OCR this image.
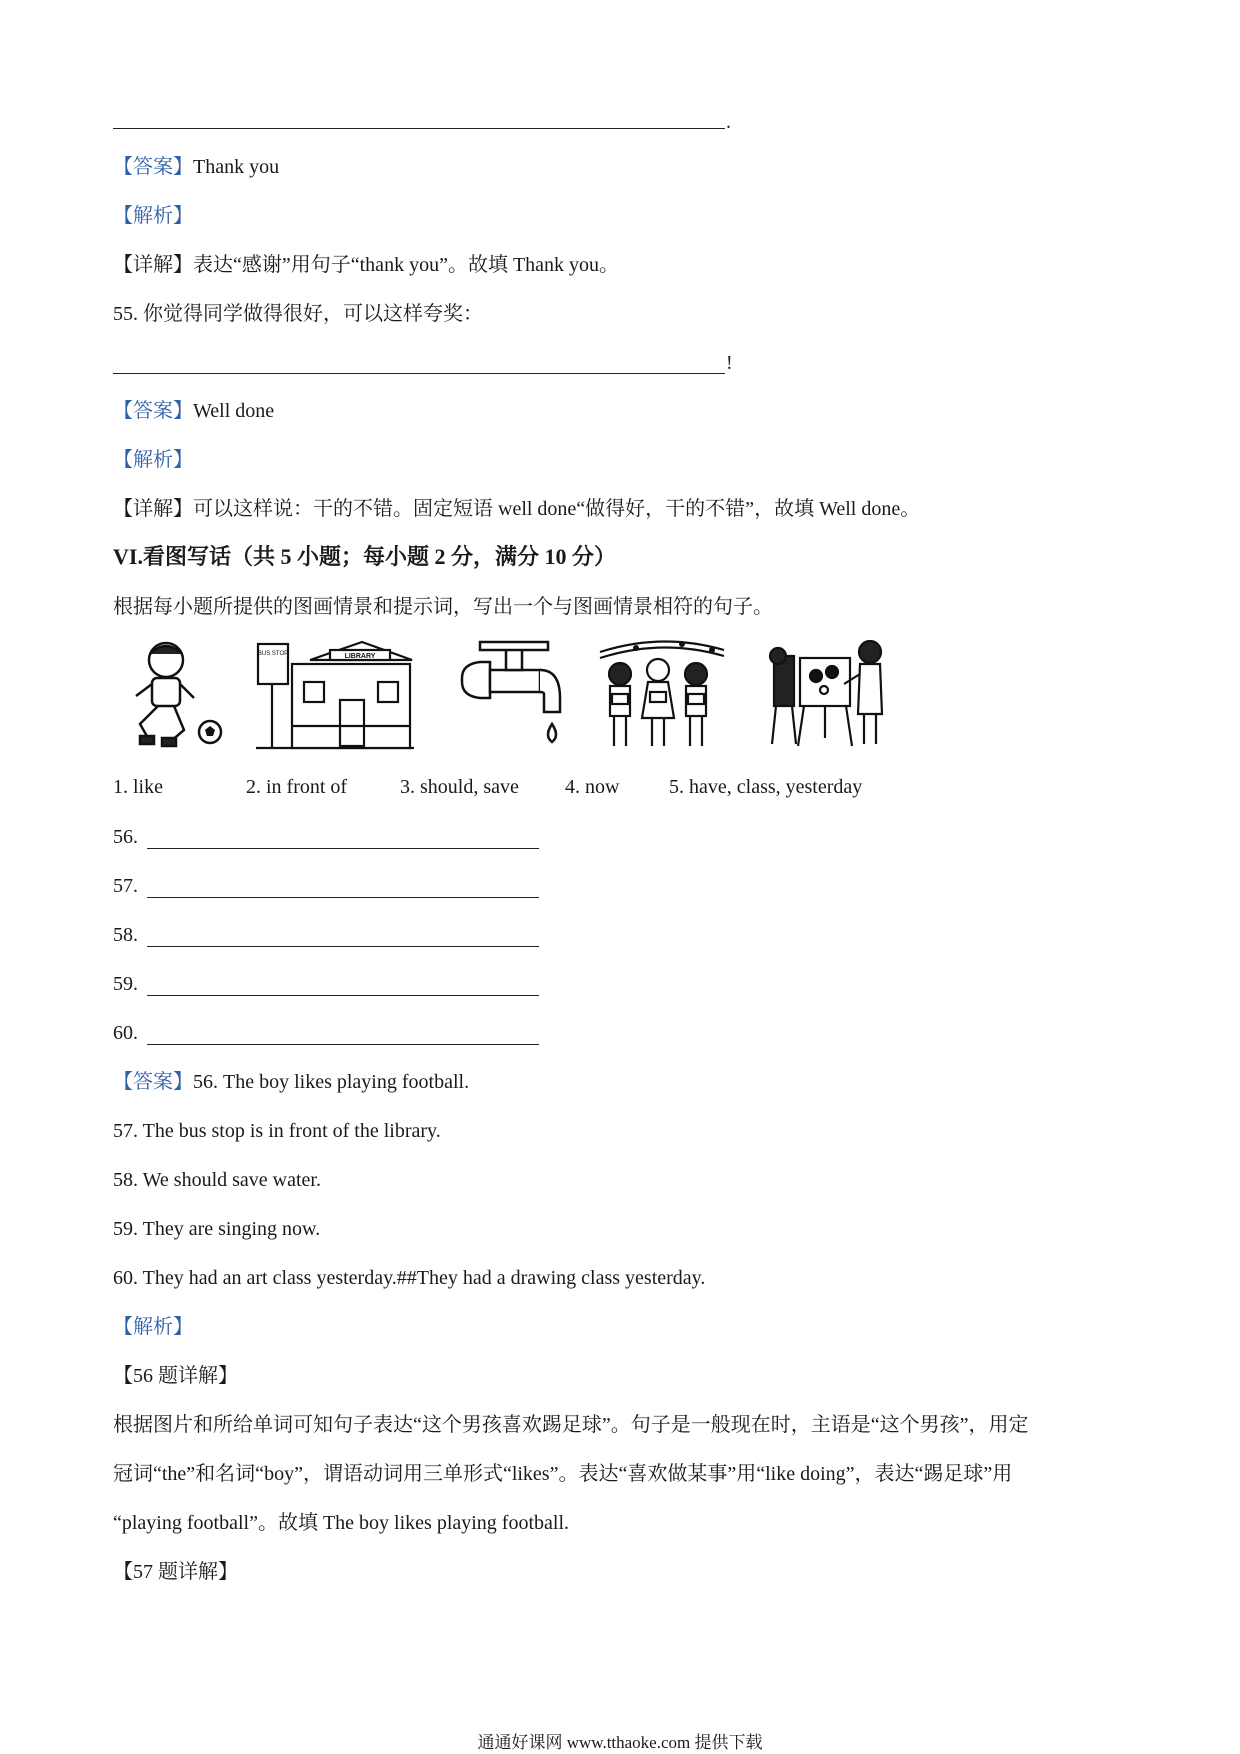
.
【答案】Thank you
【解析】
【详解】表达“感谢”用句子“thank you”。故填 Thank you。
55. 你觉得同学做得很好，可以这样夸奖：
!
【答案】Well done
【解析】
【详解】可以这样说：干的不错。固定短语 well done“做得好，干的不错”，故填 Well done。
VI.看图写话（共 5 小题；每小题 2 分，满分 10 分）
根据每小题所提供的图画情景和提示词，写出一个与图画情景相符的句子。
BUS STOP	LIBRARY
1. like	2. in front of	3. should, save 4. now 5. have, class, yesterday
56.
57.
58.
59.
60.
【答案】56. The boy likes playing football.
57. The bus stop is in front of the library.
58. We should save water.
59. They are singing now.
60. They had an art class yesterday.##They had a drawing class yesterday.
【解析】
【56 题详解】
根据图片和所给单词可知句子表达“这个男孩喜欢踢足球”。句子是一般现在时，主语是“这个男孩”，用定
冠词“the”和名词“boy”，谓语动词用三单形式“likes”。表达“喜欢做某事”用“like doing”，表达“踢足球”用
“playing football”。故填 The boy likes playing football.
【57 题详解】
通通好课网 www.tthaoke.com 提供下载
